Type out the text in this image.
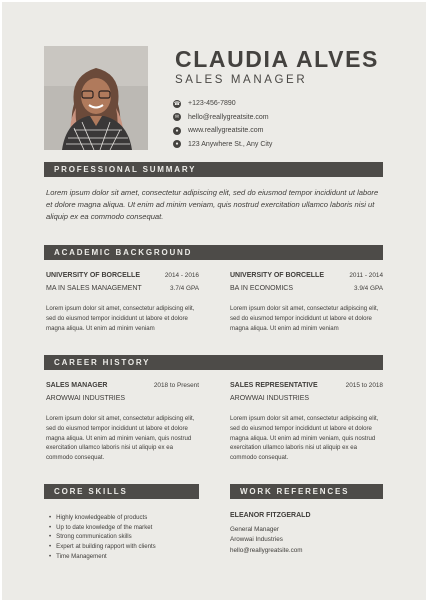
CLAUDIA ALVES
SALES MANAGER
☎ +123-456-7890
✉ hello@reallygreatsite.com
●	www.reallygreatsite.com
●	123 Anywhere St., Any City
PROFESSIONAL SUMMARY
Lorem ipsum dolor sit amet, consectetur adipiscing elit, sed do eiusmod tempor incididunt ut labore et dolore magna aliqua. Ut enim ad minim veniam, quis nostrud exercitation ullamco laboris nisi ut aliquip ex ea commodo consequat.
ACADEMIC BACKGROUND
UNIVERSITY OF BORCELLE	2014 - 2016
MA IN SALES MANAGEMENT	3.7/4 GPA
Lorem ipsum dolor sit amet, consectetur adipiscing elit, sed do eiusmod tempor incididunt ut labore et dolore magna aliqua. Ut enim ad minim veniam
UNIVERSITY OF BORCELLE	2011 - 2014
BA IN ECONOMICS	3.9/4 GPA
Lorem ipsum dolor sit amet, consectetur adipiscing elit, sed do eiusmod tempor incididunt ut labore et dolore magna aliqua. Ut enim ad minim veniam
CAREER HISTORY
SALES MANAGER	2018 to Present
AROWWAI INDUSTRIES
Lorem ipsum dolor sit amet, consectetur adipiscing elit, sed do eiusmod tempor incididunt ut labore et dolore magna aliqua. Ut enim ad minim veniam, quis nostrud exercitation ullamco laboris nisi ut aliquip ex ea commodo consequat.
SALES REPRESENTATIVE	2015 to 2018
AROWWAI INDUSTRIES
Lorem ipsum dolor sit amet, consectetur adipiscing elit, sed do eiusmod tempor incididunt ut labore et dolore magna aliqua. Ut enim ad minim veniam, quis nostrud exercitation ullamco laboris nisi ut aliquip ex ea commodo consequat.
CORE SKILLS	WORK REFERENCES
• Highly knowledgeable of products
• Up to date knowledge of the market
• Strong communication skills
• Expert at building rapport with clients
• Time Management
ELEANOR FITZGERALD
General Manager
Arowwai Industries
hello@reallygreatsite.com
